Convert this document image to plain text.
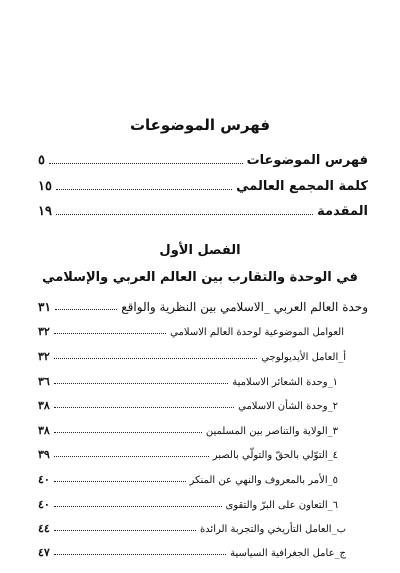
فهرس الموضوعات
فهرس الموضوعات
٥
كلمة المجمع العالمي
١٥
المقدمة
١٩
الفصل الأول
في الوحدة والتقارب بين العالم العربي والإسلامي
وحدة العالم العربي _الاسلامي بين النظرية والواقع
٣١
العوامل الموضوعية لوحدة العالم الاسلامي
٣٢
أ_العامل الأيديولوجي
٣٢
١_وحدة الشعائر الاسلامية
٣٦
٢_وحدة الشأن الاسلامي
٣٨
٣_الولاية والتناصر بين المسلمين
٣٨
٤_التوّلي بالحقّ والتولّي بالصبر
٣٩
٥_الأمر بالمعروف والنهي عن المنكر
٤٠
٦_التعاون على البرّ والتقوى
٤٠
ب_العامل التأريخي والتجربة الرائدة
٤٤
ج_عامل الجغرافية السياسية
٤٧
